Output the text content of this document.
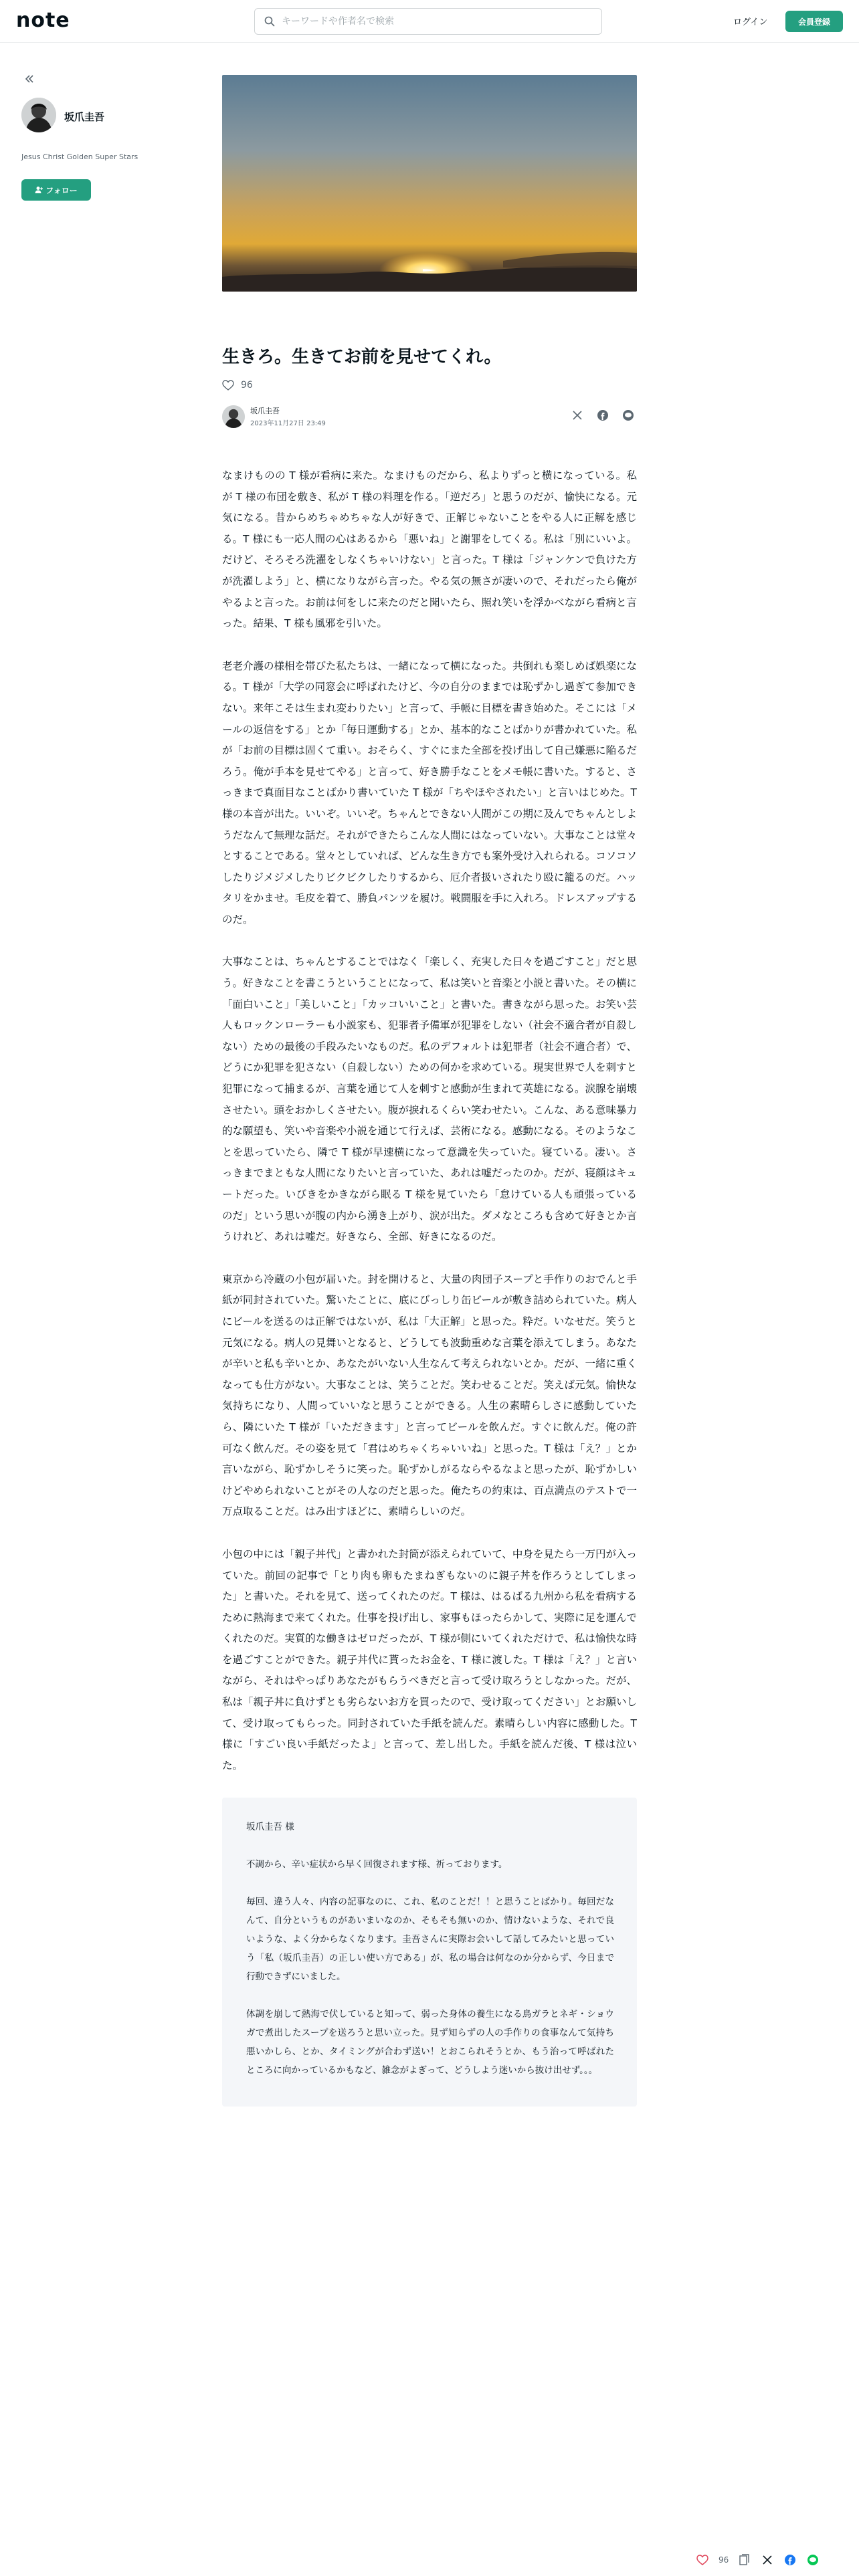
note
キーワードや作者名で検索	ログイン	会員登録
坂爪圭吾
Jesus Christ Golden Super Stars
フォロー
生きろ。生きてお前を見せてくれ。
96
坂爪圭吾
2023年11月27日 23:49

なまけものの T 様が看病に来た。なまけものだから、私よりずっと横になっている。私が T 様の布団を敷き、私が T 様の料理を作る。「逆だろ」と思うのだが、愉快になる。元気になる。昔からめちゃめちゃな人が好きで、正解じゃないことをやる人に正解を感じる。T 様にも一応人間の心はあるから「悪いね」と謝罪をしてくる。私は「別にいいよ。だけど、そろそろ洗濯をしなくちゃいけない」と言った。T 様は「ジャンケンで負けた方が洗濯しよう」と、横になりながら言った。やる気の無さが凄いので、それだったら俺がやるよと言った。お前は何をしに来たのだと聞いたら、照れ笑いを浮かべながら看病と言った。結果、T 様も風邪を引いた。

老老介護の様相を帯びた私たちは、一緒になって横になった。共倒れも楽しめば娯楽になる。T 様が「大学の同窓会に呼ばれたけど、今の自分のままでは恥ずかし過ぎて参加できない。来年こそは生まれ変わりたい」と言って、手帳に目標を書き始めた。そこには「メールの返信をする」とか「毎日運動する」とか、基本的なことばかりが書かれていた。私が「お前の目標は固くて重い。おそらく、すぐにまた全部を投げ出して自己嫌悪に陥るだろう。俺が手本を見せてやる」と言って、好き勝手なことをメモ帳に書いた。すると、さっきまで真面目なことばかり書いていた T 様が「ちやほやされたい」と言いはじめた。T 様の本音が出た。いいぞ。いいぞ。ちゃんとできない人間がこの期に及んでちゃんとしようだなんて無理な話だ。それができたらこんな人間にはなっていない。大事なことは堂々とすることである。堂々としていれば、どんな生き方でも案外受け入れられる。コソコソしたりジメジメしたりビクビクしたりするから、厄介者扱いされたり殴に籠るのだ。ハッタリをかませ。毛皮を着て、勝負パンツを履け。戦闘服を手に入れろ。ドレスアップするのだ。

大事なことは、ちゃんとすることではなく「楽しく、充実した日々を過ごすこと」だと思う。好きなことを書こうということになって、私は笑いと音楽と小説と書いた。その横に「面白いこと」「美しいこと」「カッコいいこと」と書いた。書きながら思った。お笑い芸人もロックンローラーも小説家も、犯罪者予備軍が犯罪をしない（社会不適合者が自殺しない）ための最後の手段みたいなものだ。私のデフォルトは犯罪者（社会不適合者）で、どうにか犯罪を犯さない（自殺しない）ための何かを求めている。現実世界で人を刺すと犯罪になって捕まるが、言葉を通じて人を刺すと感動が生まれて英雄になる。涙腺を崩壊させたい。頭をおかしくさせたい。腹が捩れるくらい笑わせたい。こんな、ある意味暴力的な願望も、笑いや音楽や小説を通じて行えば、芸術になる。感動になる。そのようなことを思っていたら、隣で T 様が早速横になって意識を失っていた。寝ている。凄い。さっきまでまともな人間になりたいと言っていた、あれは嘘だったのか。だが、寝顔はキュートだった。いびきをかきながら眠る T 様を見ていたら「怠けている人も頑張っているのだ」という思いが腹の内から湧き上がり、涙が出た。ダメなところも含めて好きとか言うけれど、あれは嘘だ。好きなら、全部、好きになるのだ。

東京から冷蔵の小包が届いた。封を開けると、大量の肉団子スープと手作りのおでんと手紙が同封されていた。驚いたことに、底にびっしり缶ビールが敷き詰められていた。病人にビールを送るのは正解ではないが、私は「大正解」と思った。粋だ。いなせだ。笑うと元気になる。病人の見舞いとなると、どうしても波動重めな言葉を添えてしまう。あなたが辛いと私も辛いとか、あなたがいない人生なんて考えられないとか。だが、一緒に重くなっても仕方がない。大事なことは、笑うことだ。笑わせることだ。笑えば元気。愉快な気持ちになり、人間っていいなと思うことができる。人生の素晴らしさに感動していたら、隣にいた T 様が「いただきます」と言ってビールを飲んだ。すぐに飲んだ。俺の許可なく飲んだ。その姿を見て「君はめちゃくちゃいいね」と思った。T 様は「え？」とか言いながら、恥ずかしそうに笑った。恥ずかしがるならやるなよと思ったが、恥ずかしいけどやめられないことがその人なのだと思った。俺たちの約束は、百点満点のテストで一万点取ることだ。はみ出すほどに、素晴らしいのだ。

小包の中には「親子丼代」と書かれた封筒が添えられていて、中身を見たら一万円が入っていた。前回の記事で「とり肉も卵もたまねぎもないのに親子丼を作ろうとしてしまった」と書いた。それを見て、送ってくれたのだ。T 様は、はるばる九州から私を看病するために熱海まで来てくれた。仕事を投げ出し、家事もほったらかして、実際に足を運んでくれたのだ。実質的な働きはゼロだったが、T 様が側にいてくれただけで、私は愉快な時を過ごすことができた。親子丼代に貰ったお金を、T 様に渡した。T 様は「え？」と言いながら、それはやっぱりあなたがもらうべきだと言って受け取ろうとしなかった。だが、私は「親子丼に負けずとも劣らないお方を買ったので、受け取ってください」とお願いして、受け取ってもらった。同封されていた手紙を読んだ。素晴らしい内容に感動した。T 様に「すごい良い手紙だったよ」と言って、差し出した。手紙を読んだ後、T 様は泣いた。

坂爪圭吾 様

不調から、辛い症状から早く回復されます様、祈っております。

毎回、違う人々、内容の記事なのに、これ、私のことだ！！と思うことばかり。毎回だなんて、自分というものがあいまいなのか、そもそも無いのか、情けないような、それで良いような、よく分からなくなります。圭吾さんに実際お会いして話してみたいと思っていう「私（坂爪圭吾）の正しい使い方である」が、私の場合は何なのか分からず、今日まで行動できずにいました。

体調を崩して熱海で伏していると知って、弱った身体の養生になる鳥ガラとネギ・ショウガで煮出したスープを送ろうと思い立った。見ず知らずの人の手作りの食事なんて気持ち悪いかしら、とか、タイミングが合わず送い！とおこられそうとか、もう治って呼ばれたところに向かっているかもなど、雑念がよぎって、どうしよう迷いから抜け出せず。。。

96
